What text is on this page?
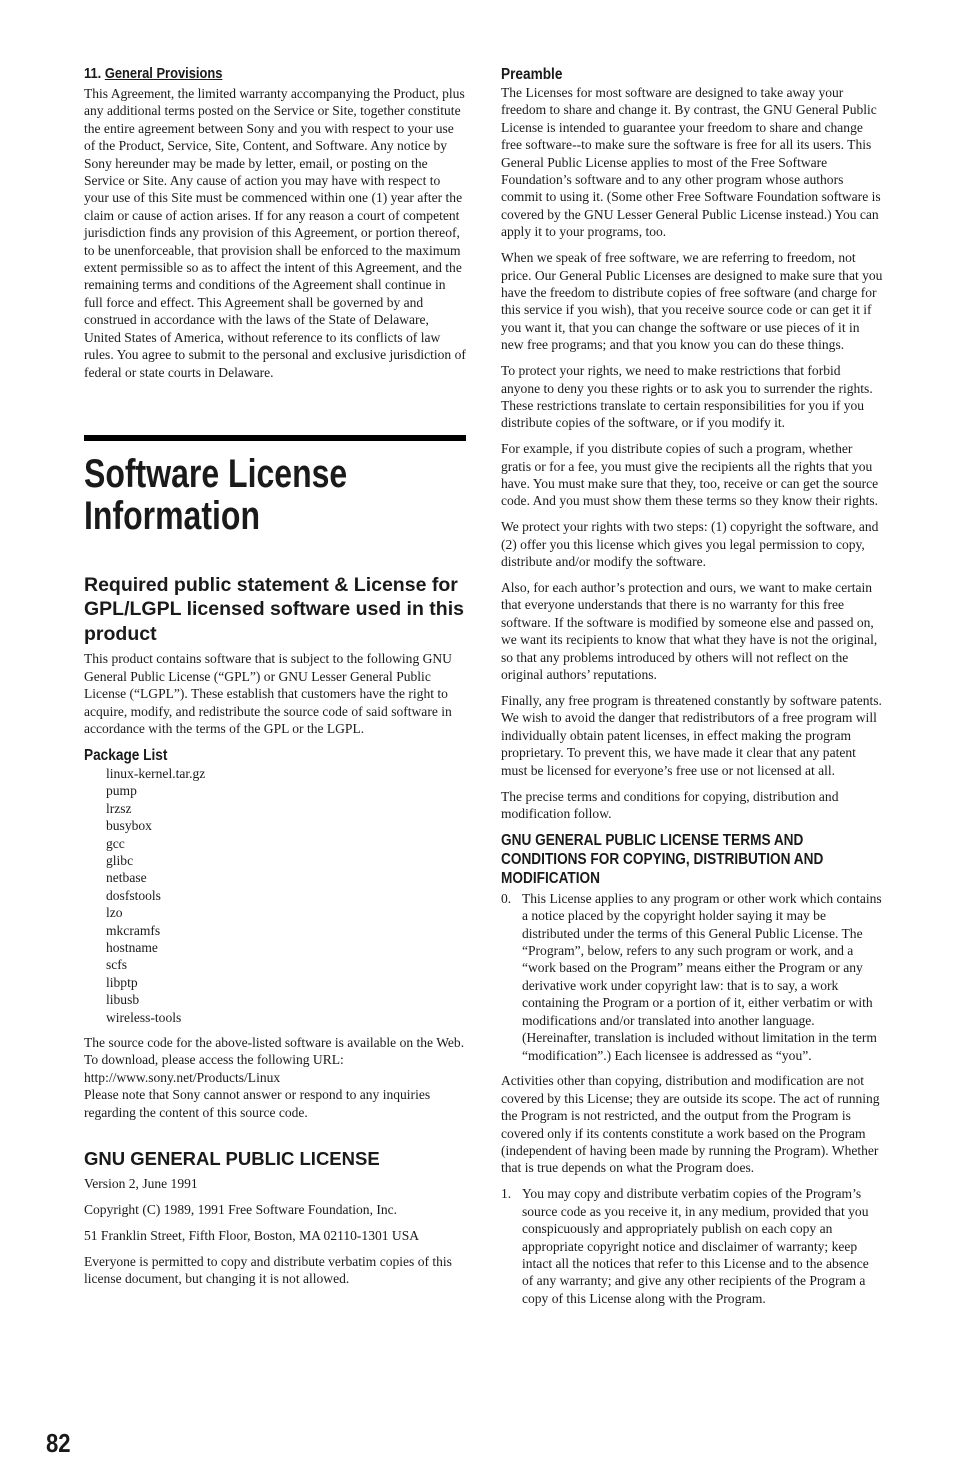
11. General Provisions

This Agreement, the limited warranty accompanying the Product, plus any additional terms posted on the Service or Site, together constitute the entire agreement between Sony and you with respect to your use of the Product, Service, Site, Content, and Software. Any notice by Sony hereunder may be made by letter, email, or posting on the Service or Site. Any cause of action you may have with respect to your use of this Site must be commenced within one (1) year after the claim or cause of action arises. If for any reason a court of competent jurisdiction finds any provision of this Agreement, or portion thereof, to be unenforceable, that provision shall be enforced to the maximum extent permissible so as to affect the intent of this Agreement, and the remaining terms and conditions of the Agreement shall continue in full force and effect. This Agreement shall be governed by and construed in accordance with the laws of the State of Delaware, United States of America, without reference to its conflicts of law rules. You agree to submit to the personal and exclusive jurisdiction of federal or state courts in Delaware.

Software License Information
Required public statement & License for GPL/LGPL licensed software used in this product

This product contains software that is subject to the following GNU General Public License (“GPL”) or GNU Lesser General Public License (“LGPL”). These establish that customers have the right to acquire, modify, and redistribute the source code of said software in accordance with the terms of the GPL or the LGPL.

Package List
linux-kernel.tar.gz
pump
lrzsz
busybox
gcc
glibc
netbase
dosfstools
lzo
mkcramfs
hostname
scfs
libptp
libusb
wireless-tools

The source code for the above-listed software is available on the Web.

To download, please access the following URL:

http://www.sony.net/Products/Linux

Please note that Sony cannot answer or respond to any inquiries regarding the content of this source code.

GNU GENERAL PUBLIC LICENSE

Version 2, June 1991

Copyright (C) 1989, 1991 Free Software Foundation, Inc.

51 Franklin Street, Fifth Floor, Boston, MA 02110-1301 USA

Everyone is permitted to copy and distribute verbatim copies of this license document, but changing it is not allowed.

Preamble

The Licenses for most software are designed to take away your freedom to share and change it. By contrast, the GNU General Public License is intended to guarantee your freedom to share and change free software--to make sure the software is free for all its users. This General Public License applies to most of the Free Software Foundation’s software and to any other program whose authors commit to using it. (Some other Free Software Foundation software is covered by the GNU Lesser General Public License instead.) You can apply it to your programs, too.

When we speak of free software, we are referring to freedom, not price. Our General Public Licenses are designed to make sure that you have the freedom to distribute copies of free software (and charge for this service if you wish), that you receive source code or can get it if you want it, that you can change the software or use pieces of it in new free programs; and that you know you can do these things.

To protect your rights, we need to make restrictions that forbid anyone to deny you these rights or to ask you to surrender the rights. These restrictions translate to certain responsibilities for you if you distribute copies of the software, or if you modify it.

For example, if you distribute copies of such a program, whether gratis or for a fee, you must give the recipients all the rights that you have. You must make sure that they, too, receive or can get the source code. And you must show them these terms so they know their rights.

We protect your rights with two steps: (1) copyright the software, and (2) offer you this license which gives you legal permission to copy, distribute and/or modify the software.

Also, for each author’s protection and ours, we want to make certain that everyone understands that there is no warranty for this free software. If the software is modified by someone else and passed on, we want its recipients to know that what they have is not the original, so that any problems introduced by others will not reflect on the original authors’ reputations.

Finally, any free program is threatened constantly by software patents. We wish to avoid the danger that redistributors of a free program will individually obtain patent licenses, in effect making the program proprietary. To prevent this, we have made it clear that any patent must be licensed for everyone’s free use or not licensed at all.

The precise terms and conditions for copying, distribution and modification follow.

GNU GENERAL PUBLIC LICENSE TERMS AND CONDITIONS FOR COPYING, DISTRIBUTION AND MODIFICATION
0. This License applies to any program or other work which contains a notice placed by the copyright holder saying it may be distributed under the terms of this General Public License. The “Program”, below, refers to any such program or work, and a “work based on the Program” means either the Program or any derivative work under copyright law: that is to say, a work containing the Program or a portion of it, either verbatim or with modifications and/or translated into another language. (Hereinafter, translation is included without limitation in the term “modification”.) Each licensee is addressed as “you”.

Activities other than copying, distribution and modification are not covered by this License; they are outside its scope. The act of running the Program is not restricted, and the output from the Program is covered only if its contents constitute a work based on the Program (independent of having been made by running the Program). Whether that is true depends on what the Program does.

1. You may copy and distribute verbatim copies of the Program’s source code as you receive it, in any medium, provided that you conspicuously and appropriately publish on each copy an appropriate copyright notice and disclaimer of warranty; keep intact all the notices that refer to this License and to the absence of any warranty; and give any other recipients of the Program a copy of this License along with the Program.

82
